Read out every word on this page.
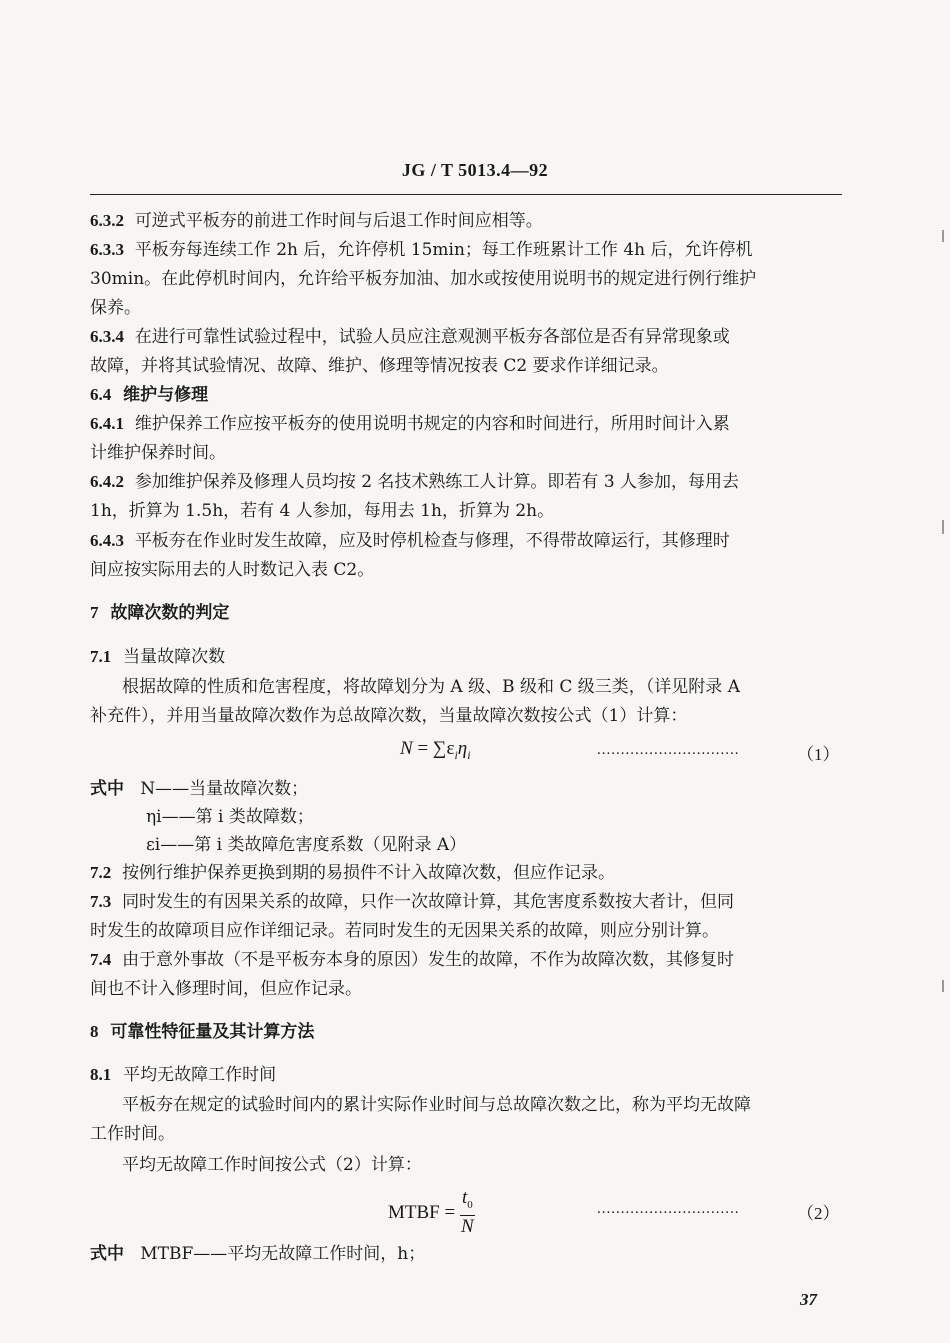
JG / T 5013.4—92
6.3.2 可逆式平板夯的前进工作时间与后退工作时间应相等。
6.3.3 平板夯每连续工作 2h 后，允许停机 15min；每工作班累计工作 4h 后，允许停机
30min。在此停机时间内，允许给平板夯加油、加水或按使用说明书的规定进行例行维护
保养。
6.3.4 在进行可靠性试验过程中，试验人员应注意观测平板夯各部位是否有异常现象或
故障，并将其试验情况、故障、维护、修理等情况按表 C2 要求作详细记录。
6.4 维护与修理
6.4.1 维护保养工作应按平板夯的使用说明书规定的内容和时间进行，所用时间计入累
计维护保养时间。
6.4.2 参加维护保养及修理人员均按 2 名技术熟练工人计算。即若有 3 人参加，每用去
1h，折算为 1.5h，若有 4 人参加，每用去 1h，折算为 2h。
6.4.3 平板夯在作业时发生故障，应及时停机检查与修理，不得带故障运行，其修理时
间应按实际用去的人时数记入表 C2。
7 故障次数的判定
7.1 当量故障次数
根据故障的性质和危害程度，将故障划分为 A 级、B 级和 C 级三类，（详见附录 A
补充件），并用当量故障次数作为总故障次数，当量故障次数按公式（1）计算：
$N = \sum\varepsilon_i\eta_i$	..............................	（1）
式中 N——当量故障次数；
ηi——第 i 类故障数；
εi——第 i 类故障危害度系数（见附录 A）
7.2 按例行维护保养更换到期的易损件不计入故障次数，但应作记录。
7.3 同时发生的有因果关系的故障，只作一次故障计算，其危害度系数按大者计，但同
时发生的故障项目应作详细记录。若同时发生的无因果关系的故障，则应分别计算。
7.4 由于意外事故（不是平板夯本身的原因）发生的故障，不作为故障次数，其修复时
间也不计入修理时间，但应作记录。
8 可靠性特征量及其计算方法
8.1 平均无故障工作时间
平板夯在规定的试验时间内的累计实际作业时间与总故障次数之比，称为平均无故障
工作时间。
平均无故障工作时间按公式（2）计算：
MTBF = $\frac{t_0}{N}$	..............................	（2）
式中 MTBF——平均无故障工作时间，h；
37
